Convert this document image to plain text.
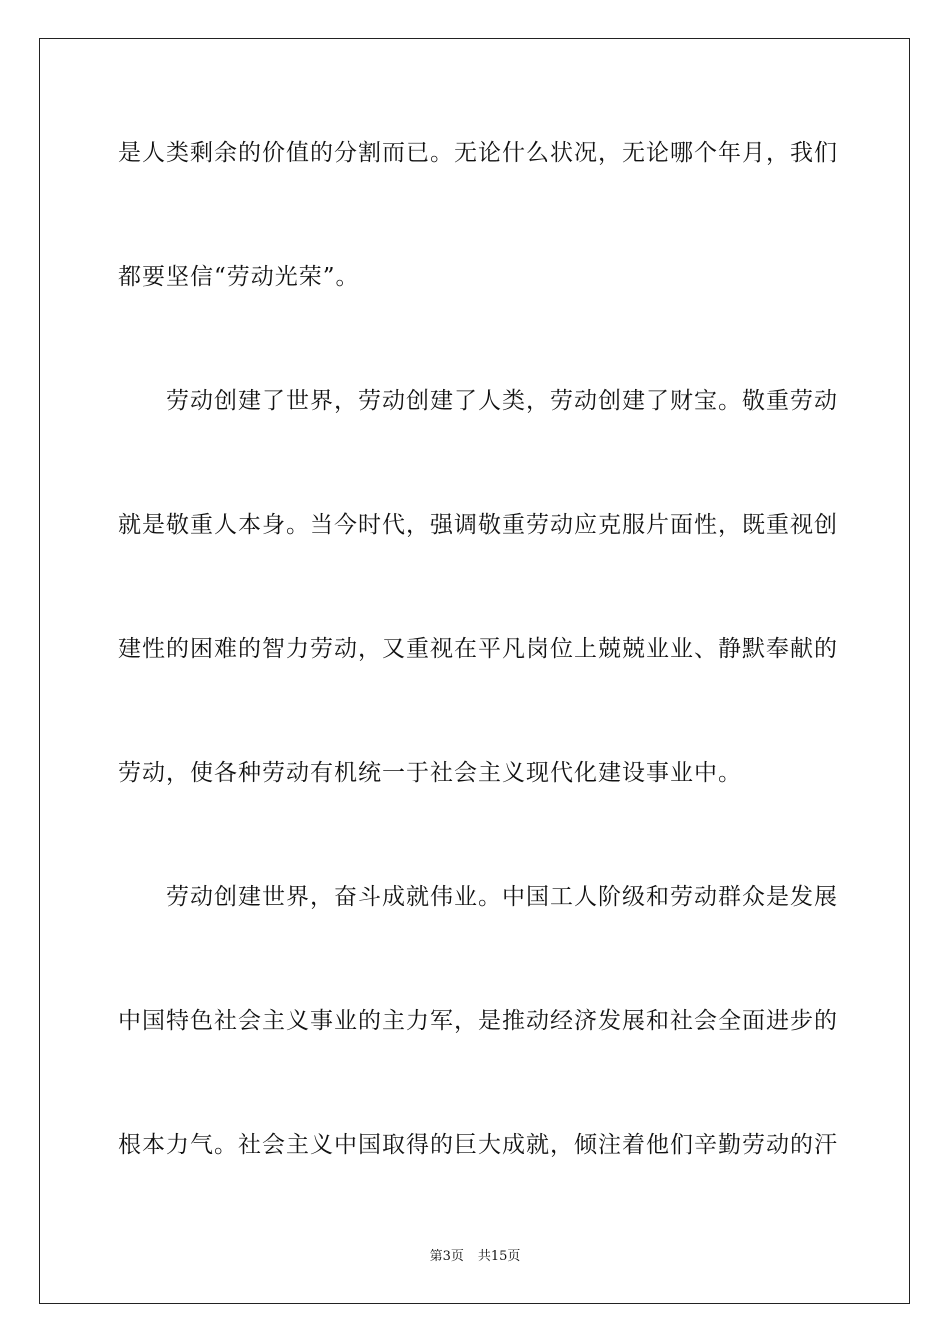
是人类剩余的价值的分割而已。无论什么状况，无论哪个年月，我们
都要坚信“劳动光荣”。
劳动创建了世界，劳动创建了人类，劳动创建了财宝。敬重劳动
就是敬重人本身。当今时代，强调敬重劳动应克服片面性，既重视创
建性的困难的智力劳动，又重视在平凡岗位上兢兢业业、静默奉献的
劳动，使各种劳动有机统一于社会主义现代化建设事业中。
劳动创建世界，奋斗成就伟业。中国工人阶级和劳动群众是发展
中国特色社会主义事业的主力军，是推动经济发展和社会全面进步的
根本力气。社会主义中国取得的巨大成就，倾注着他们辛勤劳动的汗
第3页 共15页
